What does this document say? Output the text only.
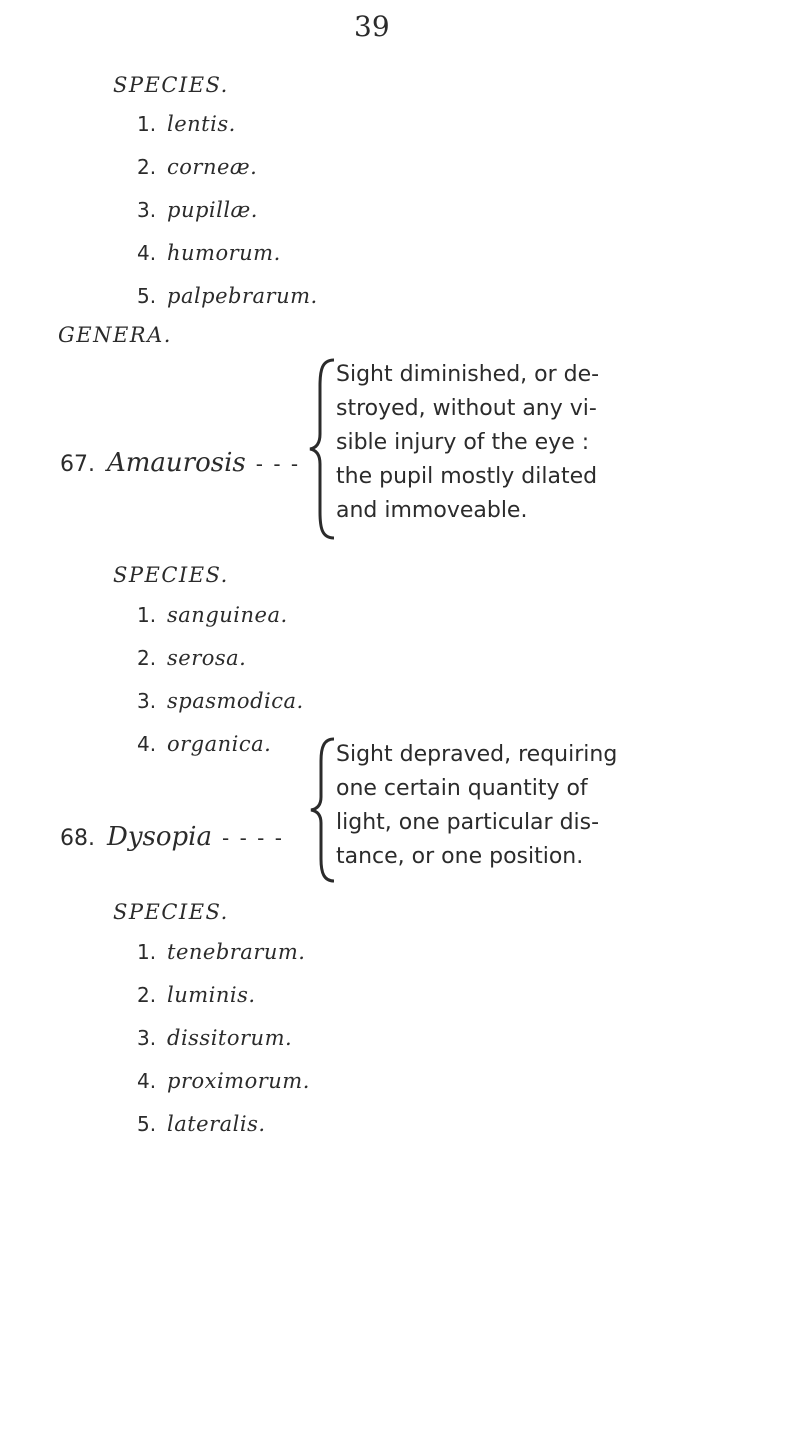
39
SPECIES.
1. lentis.
2. corneæ.
3. pupillæ.
4. humorum.
5. palpebrarum.
GENERA.
67. Amaurosis - - -

Sight diminished, or de-
stroyed, without any vi-
sible injury of the eye :
the pupil mostly dilated
and immoveable.

SPECIES.
1. sanguinea.
2. serosa.
3. spasmodica.
4. organica.
68. Dysopia - - - -

Sight depraved, requiring
one certain quantity of
light, one particular dis-
tance, or one position.

SPECIES.
1. tenebrarum.
2. luminis.
3. dissitorum.
4. proximorum.
5. lateralis.
